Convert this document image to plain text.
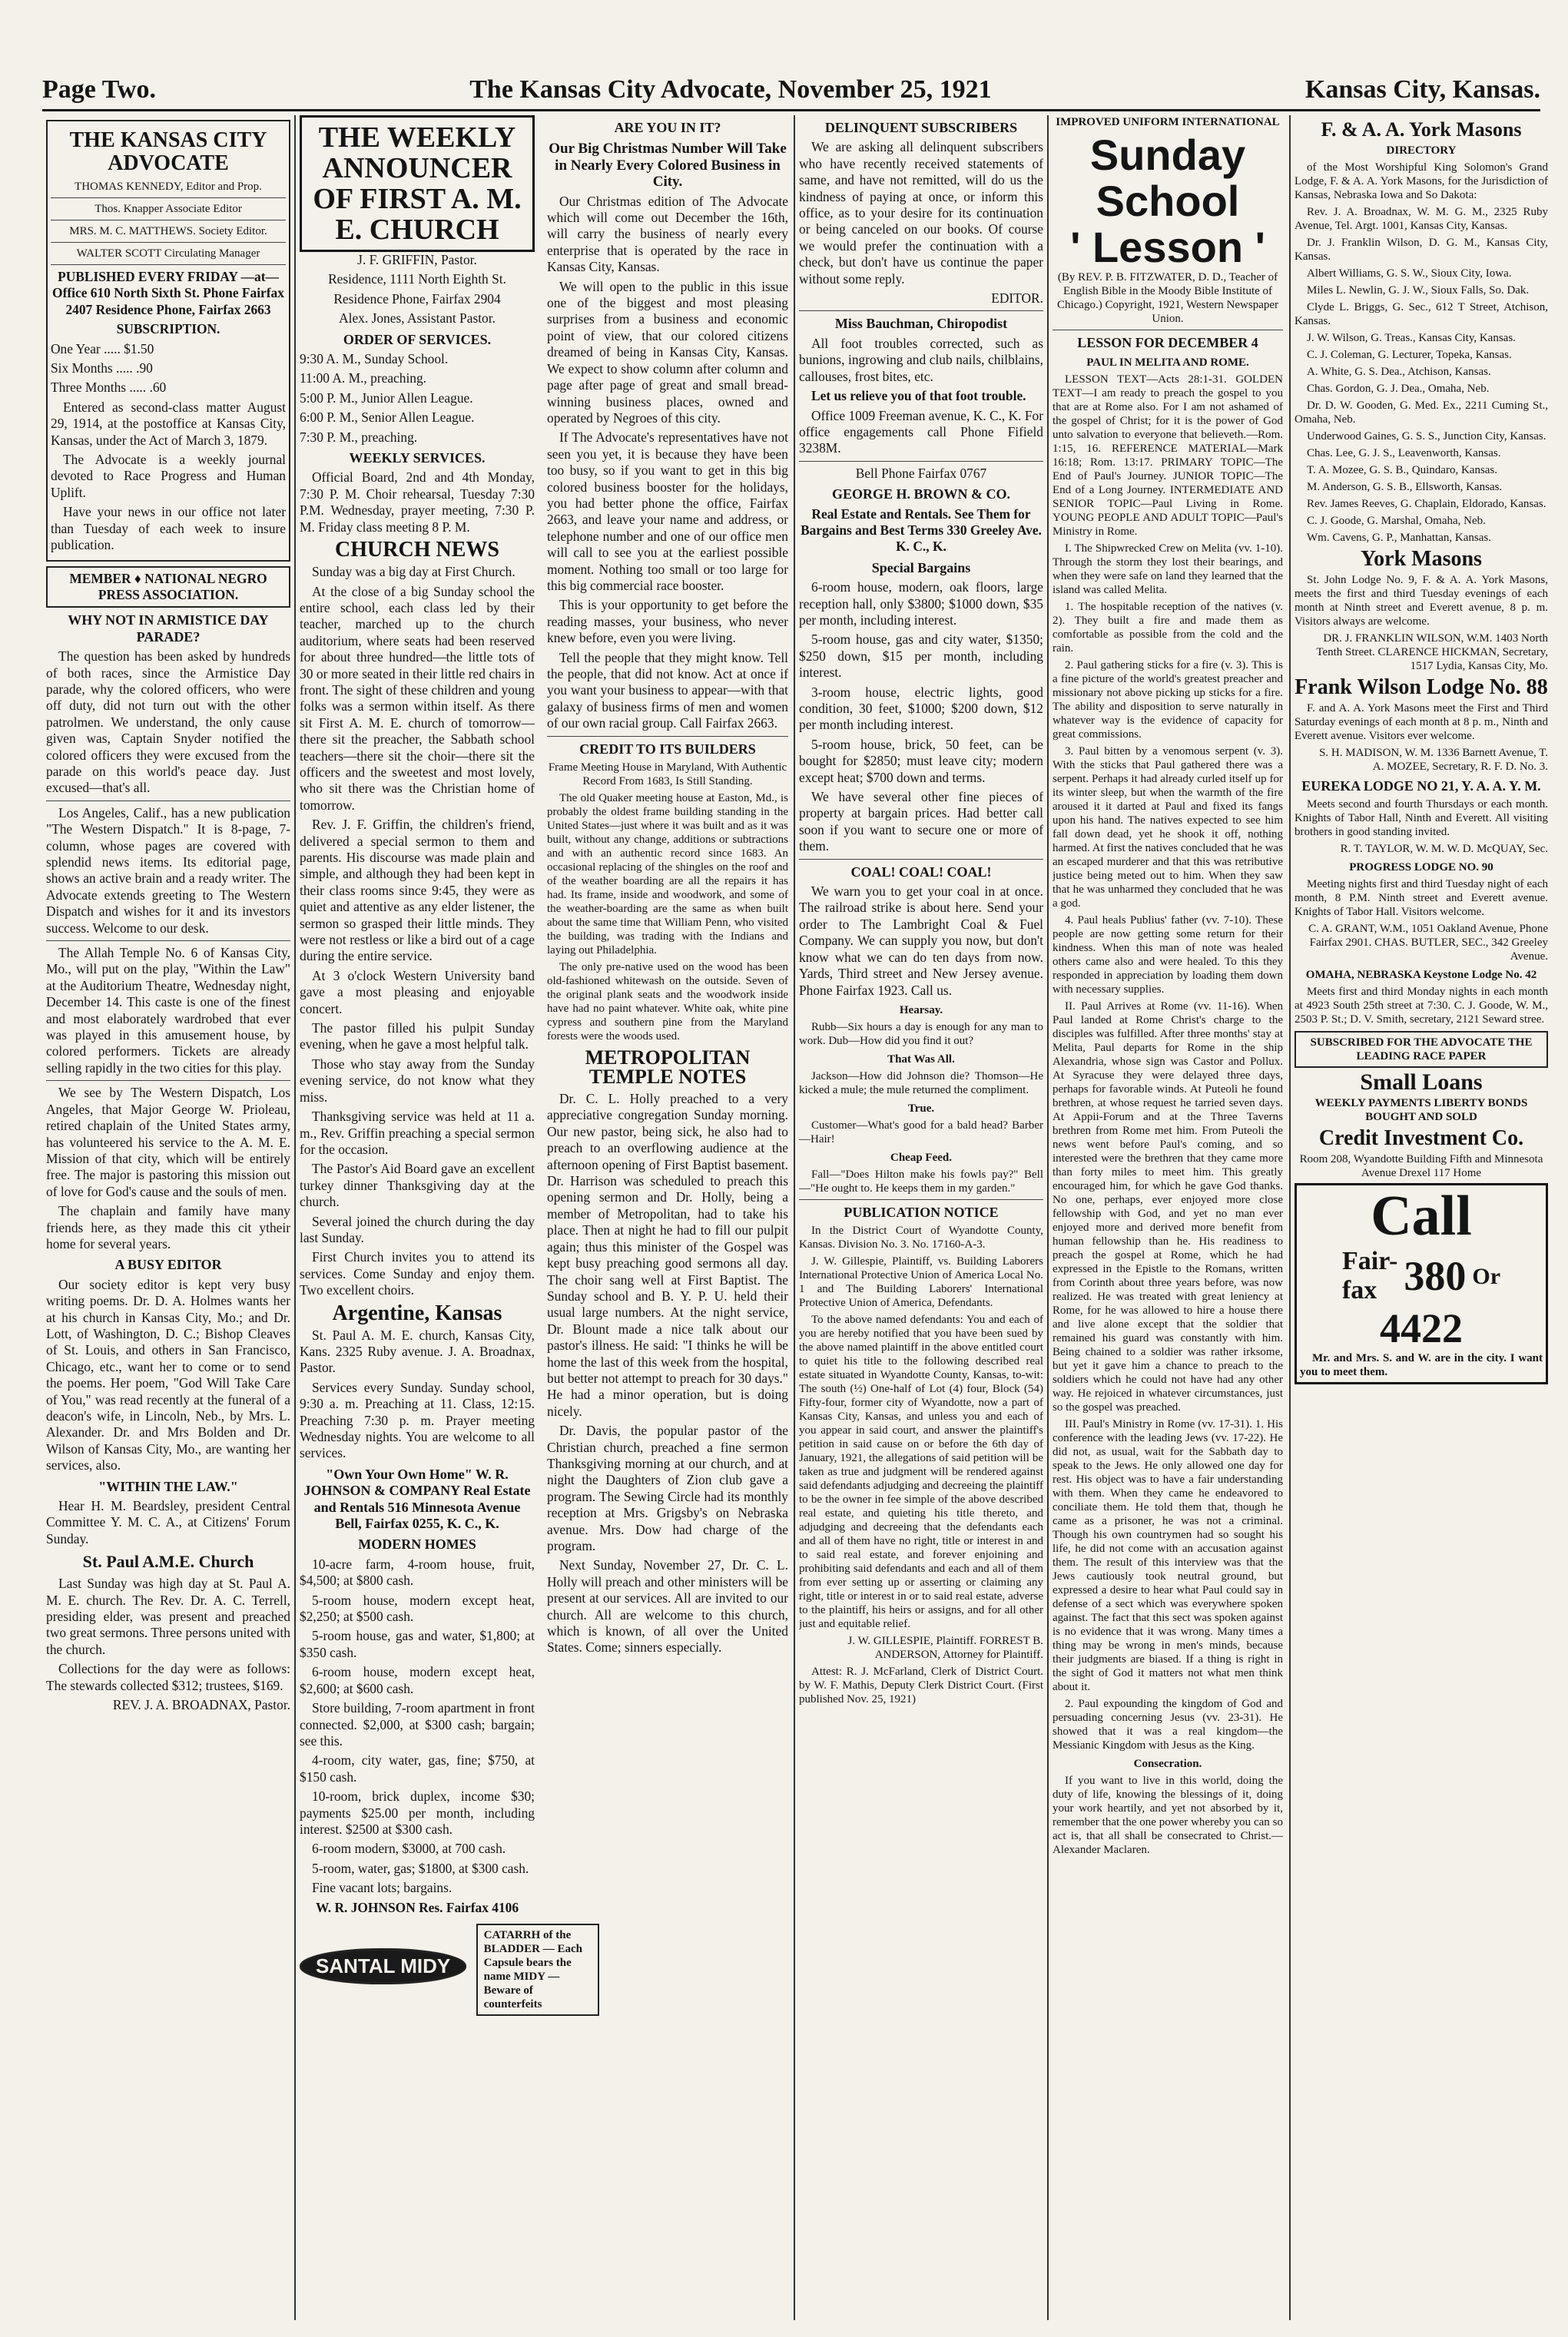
Page Two.	The Kansas City Advocate, November 25, 1921	Kansas City, Kansas.
THE KANSAS CITY ADVOCATE

THOMAS KENNEDY, Editor and Prop.

Thos. Knapper Associate Editor

MRS. M. C. MATTHEWS. Society Editor.

WALTER SCOTT Circulating Manager

PUBLISHED EVERY FRIDAY —at— Office 610 North Sixth St. Phone Fairfax 2407 Residence Phone, Fairfax 2663

SUBSCRIPTION.

One Year ..... $1.50

Six Months ..... .90

Three Months ..... .60

Entered as second-class matter August 29, 1914, at the postoffice at Kansas City, Kansas, under the Act of March 3, 1879.

The Advocate is a weekly journal devoted to Race Progress and Human Uplift.

Have your news in our office not later than Tuesday of each week to insure publication.

MEMBER ♦ NATIONAL NEGRO PRESS ASSOCIATION.
WHY NOT IN ARMISTICE DAY PARADE?

The question has been asked by hundreds of both races, since the Armistice Day parade, why the colored officers, who were off duty, did not turn out with the other patrolmen. We understand, the only cause given was, Captain Snyder notified the colored officers they were excused from the parade on this world's peace day. Just excused—that's all.

Los Angeles, Calif., has a new publication "The Western Dispatch." It is 8-page, 7-column, whose pages are covered with splendid news items. Its editorial page, shows an active brain and a ready writer. The Advocate extends greeting to The Western Dispatch and wishes for it and its investors success. Welcome to our desk.

The Allah Temple No. 6 of Kansas City, Mo., will put on the play, "Within the Law" at the Auditorium Theatre, Wednesday night, December 14. This caste is one of the finest and most elaborately wardrobed that ever was played in this amusement house, by colored performers. Tickets are already selling rapidly in the two cities for this play.

We see by The Western Dispatch, Los Angeles, that Major George W. Prioleau, retired chaplain of the United States army, has volunteered his service to the A. M. E. Mission of that city, which will be entirely free. The major is pastoring this mission out of love for God's cause and the souls of men.

The chaplain and family have many friends here, as they made this cit ytheir home for several years.

A BUSY EDITOR

Our society editor is kept very busy writing poems. Dr. D. A. Holmes wants her at his church in Kansas City, Mo.; and Dr. Lott, of Washington, D. C.; Bishop Cleaves of St. Louis, and others in San Francisco, Chicago, etc., want her to come or to send the poems. Her poem, "God Will Take Care of You," was read recently at the funeral of a deacon's wife, in Lincoln, Neb., by Mrs. L. Alexander. Dr. and Mrs Bolden and Dr. Wilson of Kansas City, Mo., are wanting her services, also.

"WITHIN THE LAW."

Hear H. M. Beardsley, president Central Committee Y. M. C. A., at Citizens' Forum Sunday.

St. Paul A.M.E. Church

Last Sunday was high day at St. Paul A. M. E. church. The Rev. Dr. A. C. Terrell, presiding elder, was present and preached two great sermons. Three persons united with the church.

Collections for the day were as follows: The stewards collected $312; trustees, $169.

REV. J. A. BROADNAX, Pastor.

THE WEEKLY ANNOUNCER OF FIRST A. M. E. CHURCH

J. F. GRIFFIN, Pastor.

Residence, 1111 North Eighth St.

Residence Phone, Fairfax 2904

Alex. Jones, Assistant Pastor.

ORDER OF SERVICES.

9:30 A. M., Sunday School.

11:00 A. M., preaching.

5:00 P. M., Junior Allen League.

6:00 P. M., Senior Allen League.

7:30 P. M., preaching.

WEEKLY SERVICES.

Official Board, 2nd and 4th Monday, 7:30 P. M. Choir rehearsal, Tuesday 7:30 P.M. Wednesday, prayer meeting, 7:30 P. M. Friday class meeting 8 P. M.

CHURCH NEWS

Sunday was a big day at First Church.

At the close of a big Sunday school the entire school, each class led by their teacher, marched up to the church auditorium, where seats had been reserved for about three hundred—the little tots of 30 or more seated in their little red chairs in front. The sight of these children and young folks was a sermon within itself. As there sit First A. M. E. church of tomorrow—there sit the preacher, the Sabbath school teachers—there sit the choir—there sit the officers and the sweetest and most lovely, who sit there was the Christian home of tomorrow.

Rev. J. F. Griffin, the children's friend, delivered a special sermon to them and parents. His discourse was made plain and simple, and although they had been kept in their class rooms since 9:45, they were as quiet and attentive as any elder listener, the sermon so grasped their little minds. They were not restless or like a bird out of a cage during the entire service.

At 3 o'clock Western University band gave a most pleasing and enjoyable concert.

The pastor filled his pulpit Sunday evening, when he gave a most helpful talk.

Those who stay away from the Sunday evening service, do not know what they miss.

Thanksgiving service was held at 11 a. m., Rev. Griffin preaching a special sermon for the occasion.

The Pastor's Aid Board gave an excellent turkey dinner Thanksgiving day at the church.

Several joined the church during the day last Sunday.

First Church invites you to attend its services. Come Sunday and enjoy them. Two excellent choirs.

Argentine, Kansas

St. Paul A. M. E. church, Kansas City, Kans. 2325 Ruby avenue. J. A. Broadnax, Pastor.

Services every Sunday. Sunday school, 9:30 a. m. Preaching at 11. Class, 12:15. Preaching 7:30 p. m. Prayer meeting Wednesday nights. You are welcome to all services.

"Own Your Own Home" W. R. JOHNSON & COMPANY Real Estate and Rentals 516 Minnesota Avenue Bell, Fairfax 0255, K. C., K.
MODERN HOMES

10-acre farm, 4-room house, fruit, $4,500; at $800 cash.

5-room house, modern except heat, $2,250; at $500 cash.

5-room house, gas and water, $1,800; at $350 cash.

6-room house, modern except heat, $2,600; at $600 cash.

Store building, 7-room apartment in front connected. $2,000, at $300 cash; bargain; see this.

4-room, city water, gas, fine; $750, at $150 cash.

10-room, brick duplex, income $30; payments $25.00 per month, including interest. $2500 at $300 cash.

6-room modern, $3000, at 700 cash.

5-room, water, gas; $1800, at $300 cash.

Fine vacant lots; bargains.

W. R. JOHNSON Res. Fairfax 4106

SANTAL MIDY CATARRH of the BLADDER — Each Capsule bears the name MIDY — Beware of counterfeits
ARE YOU IN IT?
Our Big Christmas Number Will Take in Nearly Every Colored Business in City.

Our Christmas edition of The Advocate which will come out December the 16th, will carry the business of nearly every enterprise that is operated by the race in Kansas City, Kansas.

We will open to the public in this issue one of the biggest and most pleasing surprises from a business and economic point of view, that our colored citizens dreamed of being in Kansas City, Kansas. We expect to show column after column and page after page of great and small bread-winning business places, owned and operated by Negroes of this city.

If The Advocate's representatives have not seen you yet, it is because they have been too busy, so if you want to get in this big colored business booster for the holidays, you had better phone the office, Fairfax 2663, and leave your name and address, or telephone number and one of our office men will call to see you at the earliest possible moment. Nothing too small or too large for this big commercial race booster.

This is your opportunity to get before the reading masses, your business, who never knew before, even you were living.

Tell the people that they might know. Tell the people, that did not know. Act at once if you want your business to appear—with that galaxy of business firms of men and women of our own racial group. Call Fairfax 2663.

CREDIT TO ITS BUILDERS

Frame Meeting House in Maryland, With Authentic Record From 1683, Is Still Standing.

The old Quaker meeting house at Easton, Md., is probably the oldest frame building standing in the United States—just where it was built and as it was built, without any change, additions or subtractions and with an authentic record since 1683. An occasional replacing of the shingles on the roof and of the weather boarding are all the repairs it has had. Its frame, inside and woodwork, and some of the weather-boarding are the same as when built about the same time that William Penn, who visited the building, was trading with the Indians and laying out Philadelphia.

The only pre-native used on the wood has been old-fashioned whitewash on the outside. Seven of the original plank seats and the woodwork inside have had no paint whatever. White oak, white pine cypress and southern pine from the Maryland forests were the woods used.

METROPOLITAN TEMPLE NOTES

Dr. C. L. Holly preached to a very appreciative congregation Sunday morning. Our new pastor, being sick, he also had to preach to an overflowing audience at the afternoon opening of First Baptist basement. Dr. Harrison was scheduled to preach this opening sermon and Dr. Holly, being a member of Metropolitan, had to take his place. Then at night he had to fill our pulpit again; thus this minister of the Gospel was kept busy preaching good sermons all day. The choir sang well at First Baptist. The Sunday school and B. Y. P. U. held their usual large numbers. At the night service, Dr. Blount made a nice talk about our pastor's illness. He said: "I thinks he will be home the last of this week from the hospital, but better not attempt to preach for 30 days." He had a minor operation, but is doing nicely.

Dr. Davis, the popular pastor of the Christian church, preached a fine sermon Thanksgiving morning at our church, and at night the Daughters of Zion club gave a program. The Sewing Circle had its monthly reception at Mrs. Grigsby's on Nebraska avenue. Mrs. Dow had charge of the program.

Next Sunday, November 27, Dr. C. L. Holly will preach and other ministers will be present at our services. All are invited to our church. All are welcome to this church, which is known, of all over the United States. Come; sinners especially.

DELINQUENT SUBSCRIBERS

We are asking all delinquent subscribers who have recently received statements of same, and have not remitted, will do us the kindness of paying at once, or inform this office, as to your desire for its continuation or being canceled on our books. Of course we would prefer the continuation with a check, but don't have us continue the paper without some reply.

EDITOR.

Miss Bauchman, Chiropodist

All foot troubles corrected, such as bunions, ingrowing and club nails, chilblains, callouses, frost bites, etc.

Let us relieve you of that foot trouble.

Office 1009 Freeman avenue, K. C., K. For office engagements call Phone Fifield 3238M.

Bell Phone Fairfax 0767

GEORGE H. BROWN & CO.

Real Estate and Rentals. See Them for Bargains and Best Terms 330 Greeley Ave. K. C., K.

Special Bargains

6-room house, modern, oak floors, large reception hall, only $3800; $1000 down, $35 per month, including interest.

5-room house, gas and city water, $1350; $250 down, $15 per month, including interest.

3-room house, electric lights, good condition, 30 feet, $1000; $200 down, $12 per month including interest.

5-room house, brick, 50 feet, can be bought for $2850; must leave city; modern except heat; $700 down and terms.

We have several other fine pieces of property at bargain prices. Had better call soon if you want to secure one or more of them.

COAL! COAL! COAL!

We warn you to get your coal in at once. The railroad strike is about here. Send your order to The Lambright Coal & Fuel Company. We can supply you now, but don't know what we can do ten days from now. Yards, Third street and New Jersey avenue. Phone Fairfax 1923. Call us.

Hearsay.

Rubb—Six hours a day is enough for any man to work. Dub—How did you find it out?

That Was All.

Jackson—How did Johnson die? Thomson—He kicked a mule; the mule returned the compliment.

True.

Customer—What's good for a bald head? Barber—Hair!

Cheap Feed.

Fall—"Does Hilton make his fowls pay?" Bell—"He ought to. He keeps them in my garden."

PUBLICATION NOTICE

In the District Court of Wyandotte County, Kansas. Division No. 3. No. 17160-A-3.

J. W. Gillespie, Plaintiff, vs. Building Laborers International Protective Union of America Local No. 1 and The Building Laborers' International Protective Union of America, Defendants.

To the above named defendants: You and each of you are hereby notified that you have been sued by the above named plaintiff in the above entitled court to quiet his title to the following described real estate situated in Wyandotte County, Kansas, to-wit: The south (½) One-half of Lot (4) four, Block (54) Fifty-four, former city of Wyandotte, now a part of Kansas City, Kansas, and unless you and each of you appear in said court, and answer the plaintiff's petition in said cause on or before the 6th day of January, 1921, the allegations of said petition will be taken as true and judgment will be rendered against said defendants adjudging and decreeing the plaintiff to be the owner in fee simple of the above described real estate, and quieting his title thereto, and adjudging and decreeing that the defendants each and all of them have no right, title or interest in and to said real estate, and forever enjoining and prohibiting said defendants and each and all of them from ever setting up or asserting or claiming any right, title or interest in or to said real estate, adverse to the plaintiff, his heirs or assigns, and for all other just and equitable relief.

J. W. GILLESPIE, Plaintiff. FORREST B. ANDERSON, Attorney for Plaintiff.

Attest: R. J. McFarland, Clerk of District Court. by W. F. Mathis, Deputy Clerk District Court. (First published Nov. 25, 1921)

IMPROVED UNIFORM INTERNATIONAL

Sunday School
' Lesson '

(By REV. P. B. FITZWATER, D. D., Teacher of English Bible in the Moody Bible Institute of Chicago.) Copyright, 1921, Western Newspaper Union.

LESSON FOR DECEMBER 4
PAUL IN MELITA AND ROME.

LESSON TEXT—Acts 28:1-31. GOLDEN TEXT—I am ready to preach the gospel to you that are at Rome also. For I am not ashamed of the gospel of Christ; for it is the power of God unto salvation to everyone that believeth.—Rom. 1:15, 16. REFERENCE MATERIAL—Mark 16:18; Rom. 13:17. PRIMARY TOPIC—The End of Paul's Journey. JUNIOR TOPIC—The End of a Long Journey. INTERMEDIATE AND SENIOR TOPIC—Paul Living in Rome. YOUNG PEOPLE AND ADULT TOPIC—Paul's Ministry in Rome.

I. The Shipwrecked Crew on Melita (vv. 1-10). Through the storm they lost their bearings, and when they were safe on land they learned that the island was called Melita.

1. The hospitable reception of the natives (v. 2). They built a fire and made them as comfortable as possible from the cold and the rain.

2. Paul gathering sticks for a fire (v. 3). This is a fine picture of the world's greatest preacher and missionary not above picking up sticks for a fire. The ability and disposition to serve naturally in whatever way is the evidence of capacity for great commissions.

3. Paul bitten by a venomous serpent (v. 3). With the sticks that Paul gathered there was a serpent. Perhaps it had already curled itself up for its winter sleep, but when the warmth of the fire aroused it it darted at Paul and fixed its fangs upon his hand. The natives expected to see him fall down dead, yet he shook it off, nothing harmed. At first the natives concluded that he was an escaped murderer and that this was retributive justice being meted out to him. When they saw that he was unharmed they concluded that he was a god.

4. Paul heals Publius' father (vv. 7-10). These people are now getting some return for their kindness. When this man of note was healed others came also and were healed. To this they responded in appreciation by loading them down with necessary supplies.

II. Paul Arrives at Rome (vv. 11-16). When Paul landed at Rome Christ's charge to the disciples was fulfilled. After three months' stay at Melita, Paul departs for Rome in the ship Alexandria, whose sign was Castor and Pollux. At Syracuse they were delayed three days, perhaps for favorable winds. At Puteoli he found brethren, at whose request he tarried seven days. At Appii-Forum and at the Three Taverns brethren from Rome met him. From Puteoli the news went before Paul's coming, and so interested were the brethren that they came more than forty miles to meet him. This greatly encouraged him, for which he gave God thanks. No one, perhaps, ever enjoyed more close fellowship with God, and yet no man ever enjoyed more and derived more benefit from human fellowship than he. His readiness to preach the gospel at Rome, which he had expressed in the Epistle to the Romans, written from Corinth about three years before, was now realized. He was treated with great leniency at Rome, for he was allowed to hire a house there and live alone except that the soldier that remained his guard was constantly with him. Being chained to a soldier was rather irksome, but yet it gave him a chance to preach to the soldiers which he could not have had any other way. He rejoiced in whatever circumstances, just so the gospel was preached.

III. Paul's Ministry in Rome (vv. 17-31). 1. His conference with the leading Jews (vv. 17-22). He did not, as usual, wait for the Sabbath day to speak to the Jews. He only allowed one day for rest. His object was to have a fair understanding with them. When they came he endeavored to conciliate them. He told them that, though he came as a prisoner, he was not a criminal. Though his own countrymen had so sought his life, he did not come with an accusation against them. The result of this interview was that the Jews cautiously took neutral ground, but expressed a desire to hear what Paul could say in defense of a sect which was everywhere spoken against. The fact that this sect was spoken against is no evidence that it was wrong. Many times a thing may be wrong in men's minds, because their judgments are biased. If a thing is right in the sight of God it matters not what men think about it.

2. Paul expounding the kingdom of God and persuading concerning Jesus (vv. 23-31). He showed that it was a real kingdom—the Messianic Kingdom with Jesus as the King.

Consecration.

If you want to live in this world, doing the duty of life, knowing the blessings of it, doing your work heartily, and yet not absorbed by it, remember that the one power whereby you can so act is, that all shall be consecrated to Christ.—Alexander Maclaren.

F. & A. A. York Masons
DIRECTORY

of the Most Worshipful King Solomon's Grand Lodge, F. & A. A. York Masons, for the Jurisdiction of Kansas, Nebraska Iowa and So Dakota:

Rev. J. A. Broadnax, W. M. G. M., 2325 Ruby Avenue, Tel. Argt. 1001, Kansas City, Kansas.

Dr. J. Franklin Wilson, D. G. M., Kansas City, Kansas.

Albert Williams, G. S. W., Sioux City, Iowa.

Miles L. Newlin, G. J. W., Sioux Falls, So. Dak.

Clyde L. Briggs, G. Sec., 612 T Street, Atchison, Kansas.

J. W. Wilson, G. Treas., Kansas City, Kansas.

C. J. Coleman, G. Lecturer, Topeka, Kansas.

A. White, G. S. Dea., Atchison, Kansas.

Chas. Gordon, G. J. Dea., Omaha, Neb.

Dr. D. W. Gooden, G. Med. Ex., 2211 Cuming St., Omaha, Neb.

Underwood Gaines, G. S. S., Junction City, Kansas.

Chas. Lee, G. J. S., Leavenworth, Kansas.

T. A. Mozee, G. S. B., Quindaro, Kansas.

M. Anderson, G. S. B., Ellsworth, Kansas.

Rev. James Reeves, G. Chaplain, Eldorado, Kansas.

C. J. Goode, G. Marshal, Omaha, Neb.

Wm. Cavens, G. P., Manhattan, Kansas.

York Masons

St. John Lodge No. 9, F. & A. A. York Masons, meets the first and third Tuesday evenings of each month at Ninth street and Everett avenue, 8 p. m. Visitors always are welcome.

DR. J. FRANKLIN WILSON, W.M. 1403 North Tenth Street. CLARENCE HICKMAN, Secretary, 1517 Lydia, Kansas City, Mo.

Frank Wilson Lodge No. 88

F. and A. A. York Masons meet the First and Third Saturday evenings of each month at 8 p. m., Ninth and Everett avenue. Visitors ever welcome.

S. H. MADISON, W. M. 1336 Barnett Avenue, T. A. MOZEE, Secretary, R. F. D. No. 3.

EUREKA LODGE NO 21, Y. A. A. Y. M.

Meets second and fourth Thursdays or each month. Knights of Tabor Hall, Ninth and Everett. All visiting brothers in good standing invited.

R. T. TAYLOR, W. M. W. D. McQUAY, Sec.

PROGRESS LODGE NO. 90

Meeting nights first and third Tuesday night of each month, 8 P.M. Ninth street and Everett avenue. Knights of Tabor Hall. Visitors welcome.

C. A. GRANT, W.M., 1051 Oakland Avenue, Phone Fairfax 2901. CHAS. BUTLER, SEC., 342 Greeley Avenue.

OMAHA, NEBRASKA Keystone Lodge No. 42

Meets first and third Monday nights in each month at 4923 South 25th street at 7:30. C. J. Goode, W. M., 2503 P. St.; D. V. Smith, secretary, 2121 Seward stree.

SUBSCRIBED FOR THE ADVOCATE THE LEADING RACE PAPER
Small Loans

WEEKLY PAYMENTS LIBERTY BONDS BOUGHT AND SOLD

Credit Investment Co.

Room 208, Wyandotte Building Fifth and Minnesota Avenue Drexel 117 Home

Call
Fair-
fax 380 Or
4422

Mr. and Mrs. S. and W. are in the city. I want you to meet them.
